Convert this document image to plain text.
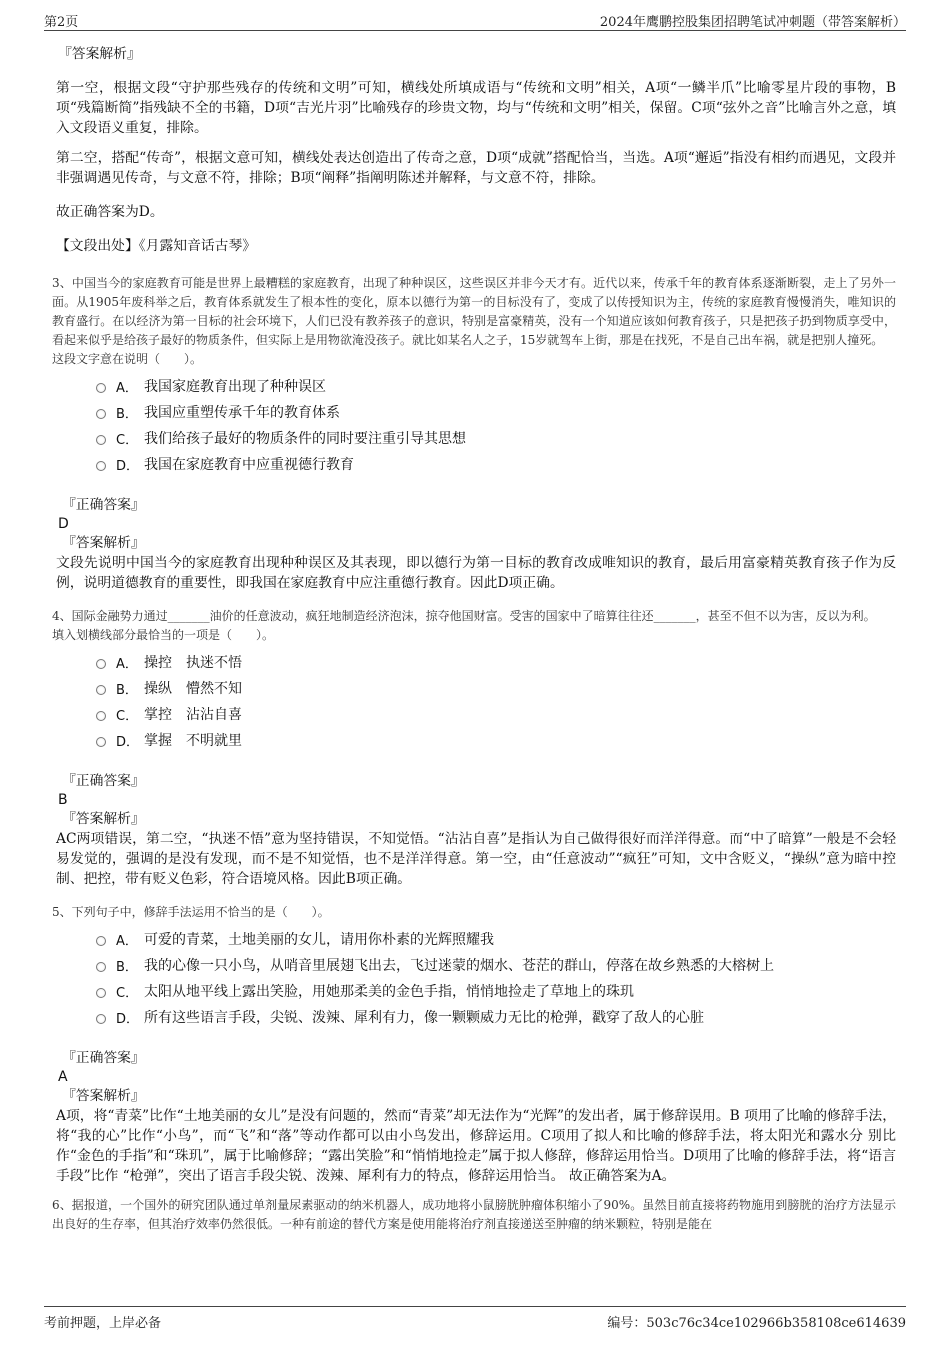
第2页	2024年鹰鹏控股集团招聘笔试冲刺题（带答案解析）

『答案解析』

第一空，根据文段“守护那些残存的传统和文明”可知，横线处所填成语与“传统和文明”相关，A项“一鳞半爪”比喻零星片段的事物，B项“残篇断简”指残缺不全的书籍，D项“吉光片羽”比喻残存的珍贵文物，均与“传统和文明”相关，保留。C项“弦外之音”比喻言外之意，填入文段语义重复，排除。

第二空，搭配“传奇”，根据文意可知，横线处表达创造出了传奇之意，D项“成就”搭配恰当，当选。A项“邂逅”指没有相约而遇见，文段并非强调遇见传奇，与文意不符，排除；B项“阐释”指阐明陈述并解释，与文意不符，排除。

故正确答案为D。

【文段出处】《月露知音话古琴》

3、中国当今的家庭教育可能是世界上最糟糕的家庭教育，出现了种种误区，这些误区并非今天才有。近代以来，传承千年的教育体系逐渐断裂，走上了另外一面。从1905年废科举之后，教育体系就发生了根本性的变化，原本以德行为第一的目标没有了，变成了以传授知识为主，传统的家庭教育慢慢消失，唯知识的教育盛行。在以经济为第一目标的社会环境下，人们已没有教养孩子的意识，特别是富豪精英，没有一个知道应该如何教育孩子，只是把孩子扔到物质享受中，看起来似乎是给孩子最好的物质条件，但实际上是用物欲淹没孩子。就比如某名人之子，15岁就驾车上街，那是在找死，不是自己出车祸，就是把别人撞死。

这段文字意在说明（　　）。

A． 我国家庭教育出现了种种误区
B． 我国应重塑传承千年的教育体系
C． 我们给孩子最好的物质条件的同时要注重引导其思想
D． 我国在家庭教育中应重视德行教育

『正确答案』

D

『答案解析』

文段先说明中国当今的家庭教育出现种种误区及其表现，即以德行为第一目标的教育改成唯知识的教育，最后用富豪精英教育孩子作为反例，说明道德教育的重要性，即我国在家庭教育中应注重德行教育。因此D项正确。

4、国际金融势力通过_______油价的任意波动，疯狂地制造经济泡沫，掠夺他国财富。受害的国家中了暗算往往还_______，甚至不但不以为害，反以为利。

填入划横线部分最恰当的一项是（　　）。

A． 操控　执迷不悟
B． 操纵　懵然不知
C． 掌控　沾沾自喜
D． 掌握　不明就里

『正确答案』

B

『答案解析』

AC两项错误，第二空，“执迷不悟”意为坚持错误，不知觉悟。“沾沾自喜”是指认为自己做得很好而洋洋得意。而“中了暗算”一般是不会轻易发觉的，强调的是没有发现，而不是不知觉悟，也不是洋洋得意。第一空，由“任意波动”“疯狂”可知，文中含贬义，“操纵”意为暗中控制、把控，带有贬义色彩，符合语境风格。因此B项正确。

5、下列句子中，修辞手法运用不恰当的是（　　）。

A． 可爱的青菜，土地美丽的女儿，请用你朴素的光辉照耀我
B． 我的心像一只小鸟，从哨音里展翅飞出去，飞过迷蒙的烟水、苍茫的群山，停落在故乡熟悉的大榕树上
C． 太阳从地平线上露出笑脸，用她那柔美的金色手指，悄悄地捡走了草地上的珠玑
D． 所有这些语言手段，尖锐、泼辣、犀利有力，像一颗颗威力无比的枪弹，戳穿了敌人的心脏

『正确答案』

A

『答案解析』

A项，将“青菜”比作“土地美丽的女儿”是没有问题的，然而“青菜”却无法作为“光辉”的发出者，属于修辞误用。B 项用了比喻的修辞手法，将“我的心”比作“小鸟”，而“飞”和“落”等动作都可以由小鸟发出，修辞运用。C项用了拟人和比喻的修辞手法，将太阳光和露水分 别比作“金色的手指”和“珠玑”，属于比喻修辞；“露出笑脸”和“悄悄地捡走”属于拟人修辞，修辞运用恰当。D项用了比喻的修辞手法，将“语言手段”比作 “枪弹”，突出了语言手段尖锐、泼辣、犀利有力的特点，修辞运用恰当。 故正确答案为A。

6、据报道，一个国外的研究团队通过单剂量尿素驱动的纳米机器人，成功地将小鼠膀胱肿瘤体积缩小了90%。虽然目前直接将药物施用到膀胱的治疗方法显示出良好的生存率，但其治疗效率仍然很低。一种有前途的替代方案是使用能将治疗剂直接递送至肿瘤的纳米颗粒，特别是能在

考前押题，上岸必备	编号：503c76c34ce102966b358108ce614639
